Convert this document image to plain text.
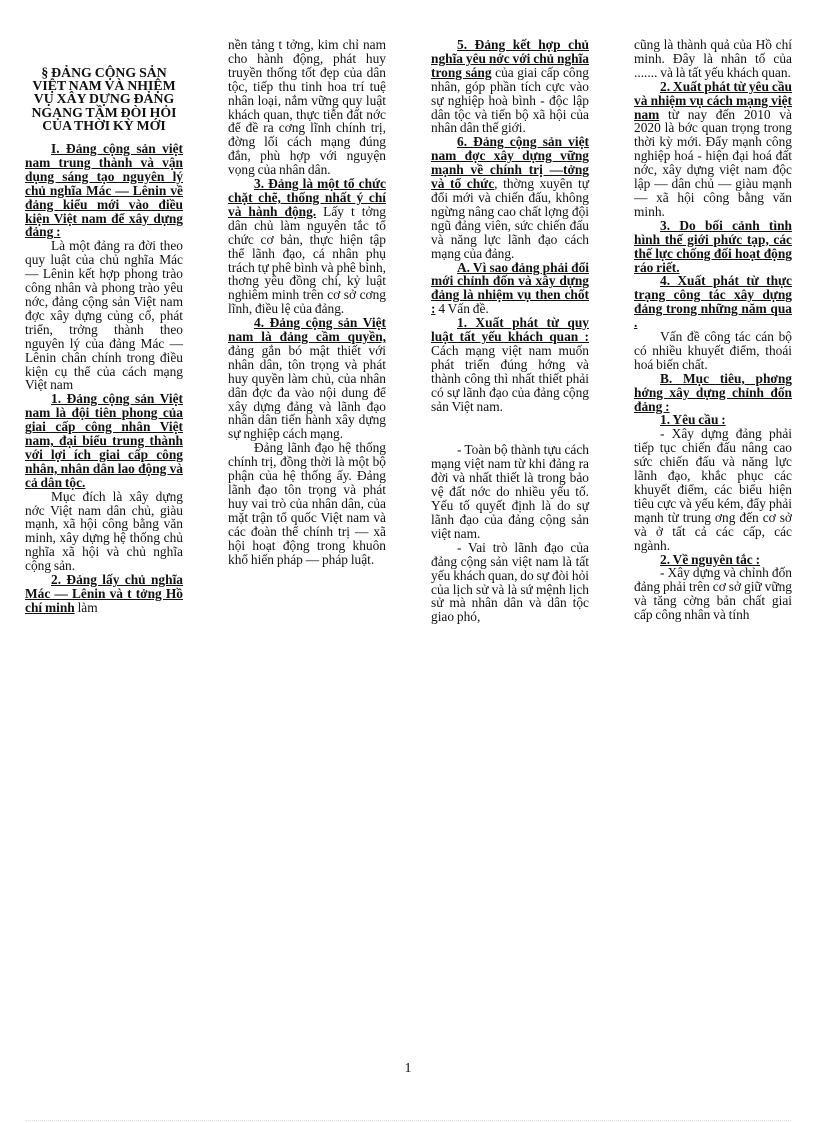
§ ĐẢNG CỘNG SẢN VIỆT NAM VÀ NHIỆM VỤ XÂY DỰNG ĐẢNG NGANG TẦM ĐÒI HỎI CỦA THỜI KỲ MỚI

I. Đảng cộng sản việt nam trung thành và vận dụng sáng tạo nguyên lý chủ nghĩa Mác — Lênin về đảng kiểu mới vào điều kiện Việt nam để xây dựng đảng :

Là một đảng ra đời theo quy luật của chủ nghĩa Mác — Lênin kết hợp phong trào công nhân và phong trào yêu nớc, đảng cộng sản Việt nam đợc xây dựng củng cố, phát triển, trởng thành theo nguyên lý của đảng Mác — Lênin chân chính trong điều kiện cụ thể của cách mạng Việt nam

1. Đảng cộng sản Việt nam là đội tiên phong của giai cấp công nhân Việt nam, đại biểu trung thành với lợi ích giai cấp công nhân, nhân dân lao động và cả dân tộc.

Mục đích là xây dựng nớc Việt nam dân chủ, giàu mạnh, xã hội công bằng văn minh, xây dựng hệ thống chủ nghĩa xã hội và chủ nghĩa cộng sản.

2. Đảng lấy chủ nghĩa Mác — Lênin và t tởng Hồ chí minh làm

nền tảng t tởng, kim chỉ nam cho hành động, phát huy truyền thống tốt đẹp của dân tộc, tiếp thu tinh hoa trí tuệ nhân loại, nắm vững quy luật khách quan, thực tiễn đất nớc để đề ra cơng lĩnh chính trị, đờng lối cách mạng đúng đắn, phù hợp với nguyện vọng của nhân dân.

3. Đảng là một tổ chức chặt chẽ, thống nhất ý chí và hành động. Lấy t tởng dân chủ làm nguyên tắc tổ chức cơ bản, thực hiện tập thể lãnh đạo, cá nhân phụ trách tự phê bình và phê bình, thơng yêu đồng chí, kỷ luật nghiêm minh trên cơ sở cơng lĩnh, điều lệ của đảng.

4. Đảng cộng sản Việt nam là đảng cầm quyền, đảng gắn bó mật thiết với nhân dân, tôn trọng và phát huy quyền làm chủ, của nhân dân đợc đa vào nội dung để xây dựng đảng và lãnh đạo nhân dân tiến hành xây dựng sự nghiệp cách mạng.

Đảng lãnh đạo hệ thống chính trị, đồng thời là một bộ phận của hệ thống ấy. Đảng lãnh đạo tôn trọng và phát huy vai trò của nhân dân, của mặt trận tổ quốc Việt nam và các đoàn thể chính trị — xã hội hoạt động trong khuôn khổ hiến pháp — pháp luật.

5. Đảng kết hợp chủ nghĩa yêu nớc với chủ nghĩa trong sáng của giai cấp công nhân, góp phần tích cực vào sự nghiệp hoà bình - độc lập dân tộc và tiến bộ xã hội của nhân dân thế giới.

6. Đảng cộng sản việt nam đợc xây dựng vững mạnh về chính trị —tởng và tổ chức, thờng xuyên tự đổi mới và chiến đấu, không ngừng nâng cao chất lợng đội ngũ đảng viên, sức chiến đấu và năng lực lãnh đạo cách mạng của đảng.

A. Vì sao đảng phải đổi mới chỉnh đốn và xây dựng đảng là nhiệm vụ then chốt : 4 Vấn đề.

1. Xuất phát từ quy luật tất yếu khách quan : Cách mạng việt nam muốn phát triển đúng hớng và thành công thì nhất thiết phải có sự lãnh đạo của đảng cộng sản Việt nam.

- Toàn bộ thành tựu cách mạng việt nam từ khi đảng ra đời và nhất thiết là trong bảo vệ đất nớc do nhiều yếu tố. Yếu tố quyết định là do sự lãnh đạo của đảng cộng sản việt nam.

- Vai trò lãnh đạo của đảng cộng sản việt nam là tất yếu khách quan, do sự đòi hỏi của lịch sử và là sứ mệnh lịch sử mà nhân dân và dân tộc giao phó,

cũng là thành quả của Hồ chí minh. Đây là nhân tố của ....... và là tất yếu khách quan.

2. Xuất phát từ yêu cầu và nhiệm vụ cách mạng việt nam từ nay đến 2010 và 2020 là bớc quan trọng trong thời kỳ mới. Đẩy mạnh công nghiệp hoá - hiện đại hoá đất nớc, xây dựng việt nam độc lập — dân chủ — giàu mạnh — xã hội công bằng văn minh.

3. Do bối cảnh tình hình thế giới phức tạp, các thế lực chống đối hoạt động ráo riết.

4. Xuất phát từ thực trạng công tác xây dựng đảng trong những năm qua .

Vấn đề công tác cán bộ có nhiều khuyết điểm, thoái hoá biến chất.

B. Mục tiêu, phơng hớng xây dựng chỉnh đốn đảng :

1. Yêu cầu :

- Xây dựng đảng phải tiếp tục chiến đấu nâng cao sức chiến đấu và năng lực lãnh đạo, khắc phục các khuyết điểm, các biểu hiện tiêu cực và yếu kém, đẩy phải mạnh từ trung ơng đến cơ sở và ở tất cả các cấp, các ngành.

2. Về nguyên tắc :

- Xây dựng và chỉnh đốn đảng phải trên cơ sở giữ vững và tăng cờng bản chất giai cấp công nhân và tính

1
